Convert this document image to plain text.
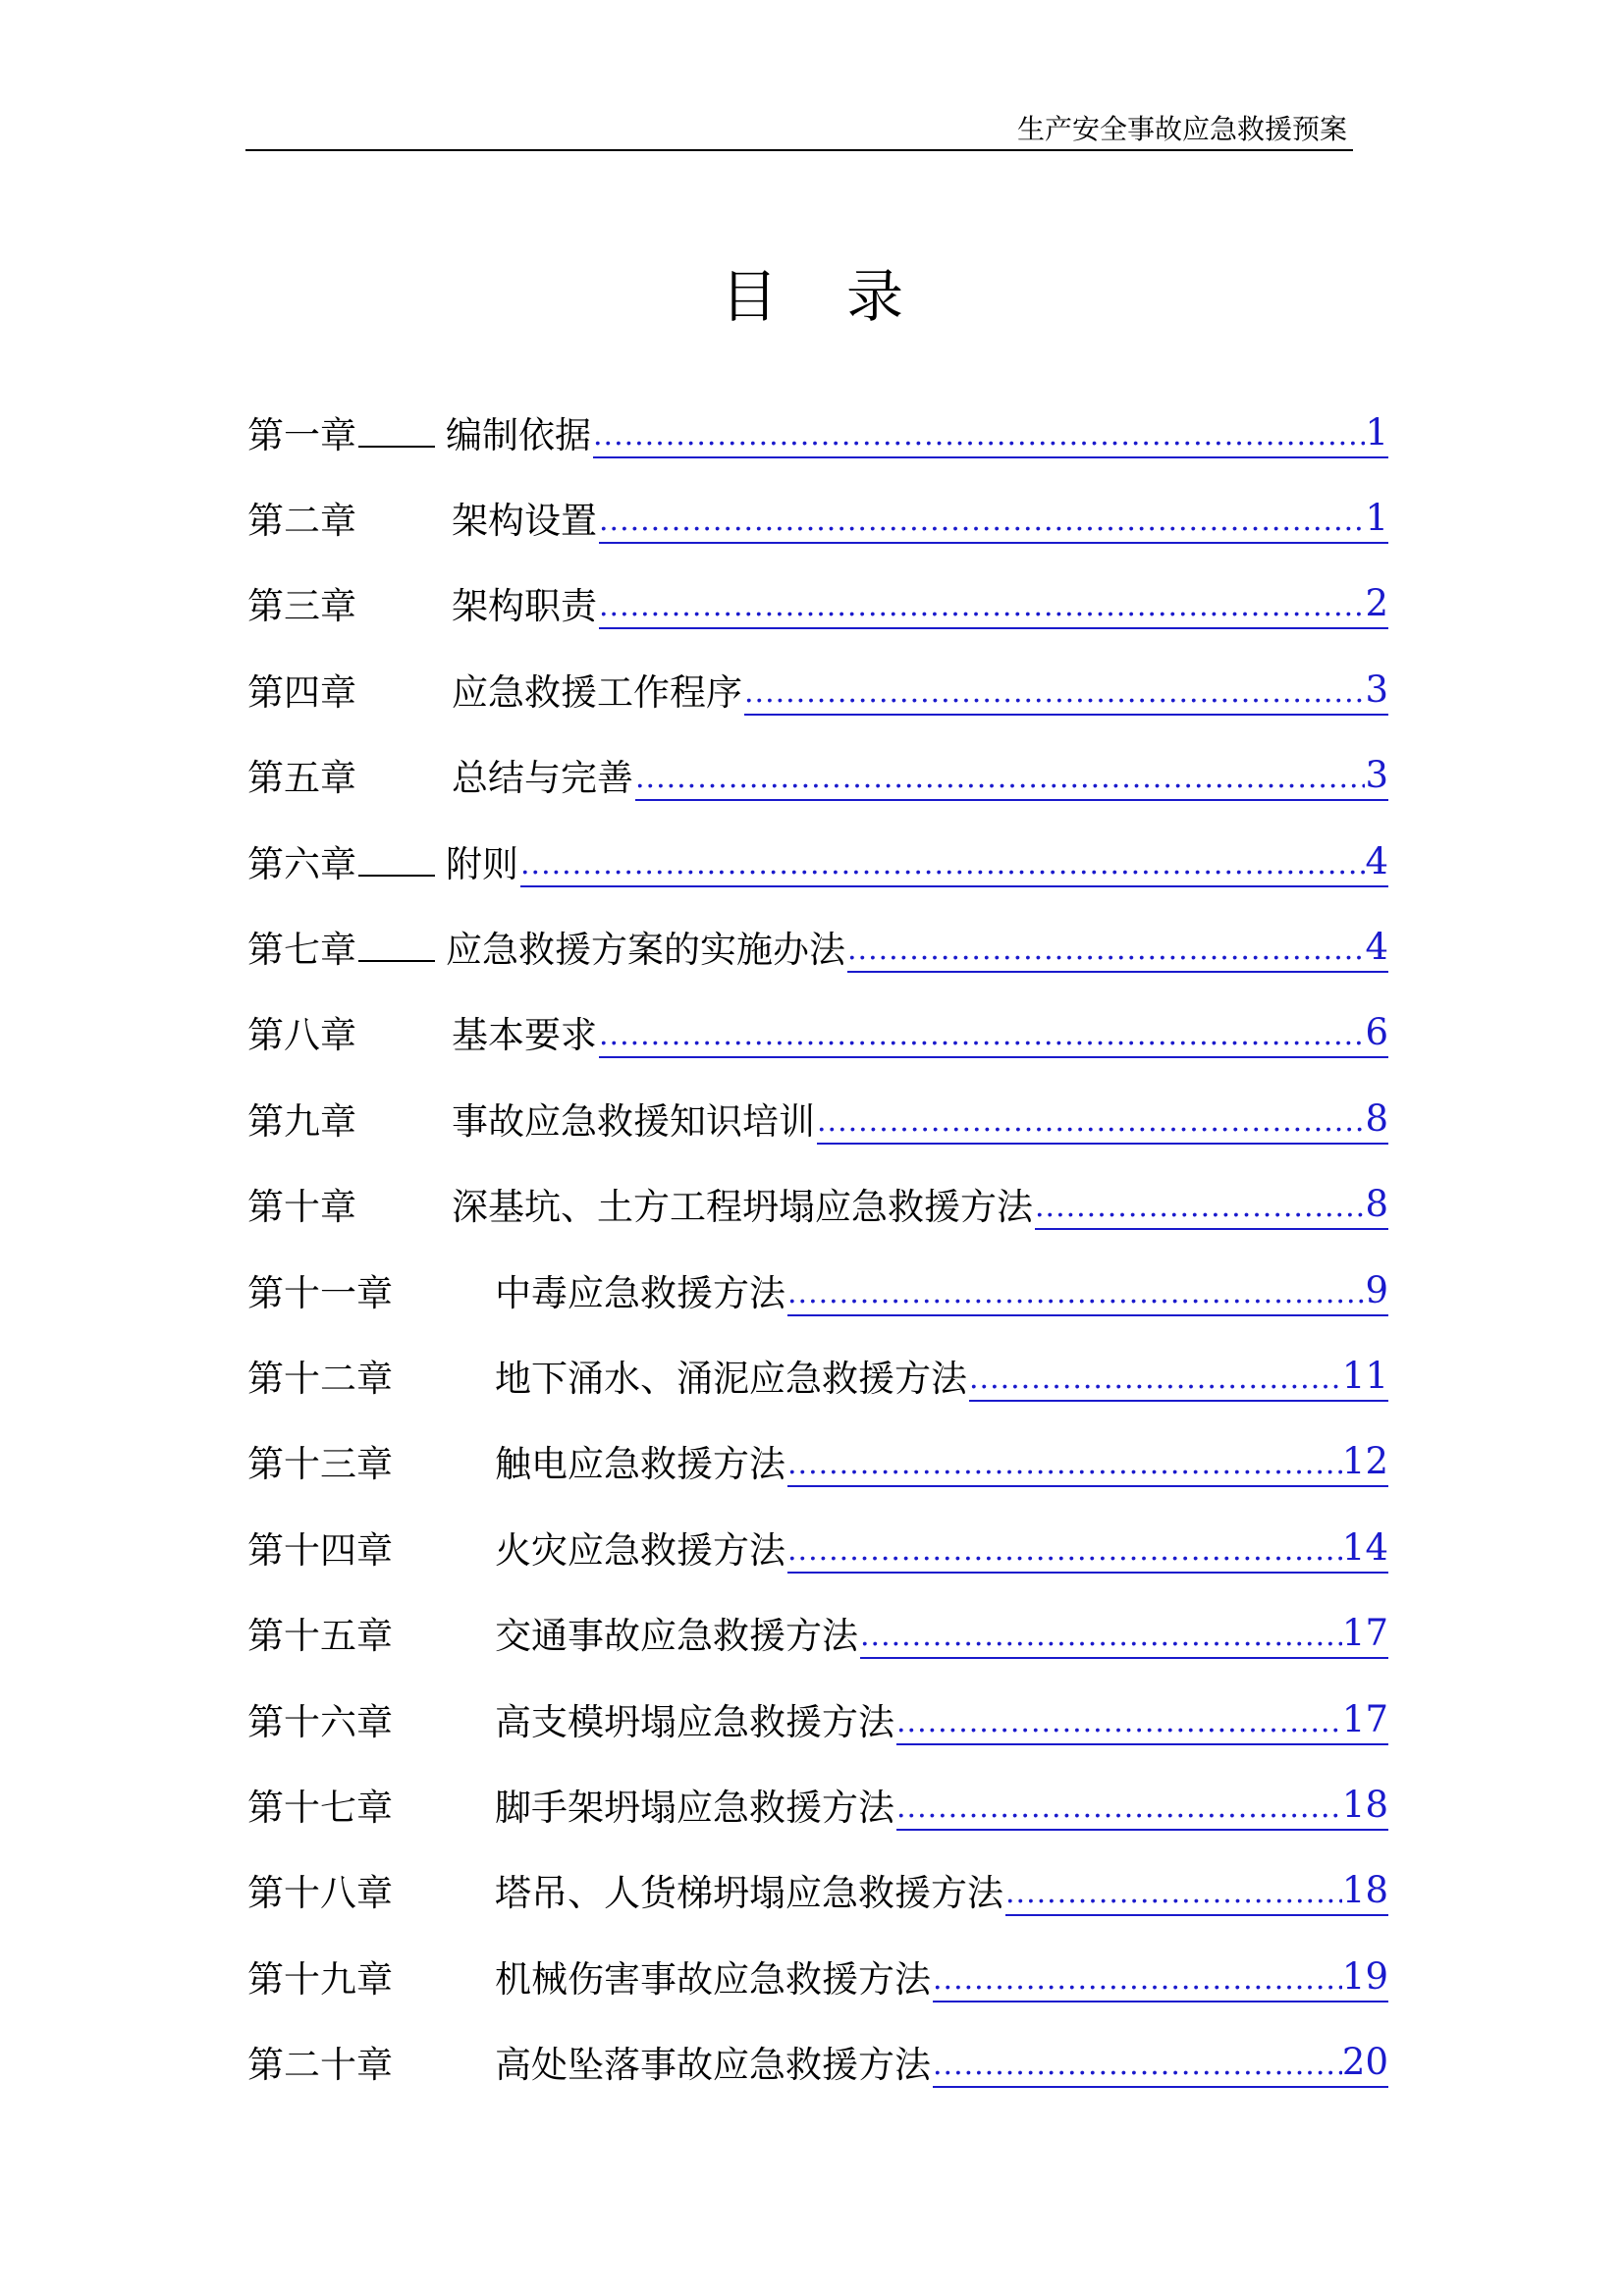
生产安全事故应急救援预案
目录
第一章	编制依据 .....	1
第二章	架构设置 .....	1
第三章	架构职责 .....	2
第四章	应急救援工作程序 .....	3
第五章	总结与完善 .....	3
第六章	附则 .....	4
第七章	应急救援方案的实施办法 .....	4
第八章	基本要求 .....	6
第九章	事故应急救援知识培训 .....	8
第十章	深基坑、土方工程坍塌应急救援方法 .....	8
第十一章	中毒应急救援方法 .....	9
第十二章	地下涌水、涌泥应急救援方法 .....	11
第十三章	触电应急救援方法 .....	12
第十四章	火灾应急救援方法 .....	14
第十五章	交通事故应急救援方法 .....	17
第十六章	高支模坍塌应急救援方法 .....	17
第十七章	脚手架坍塌应急救援方法 .....	18
第十八章	塔吊、人货梯坍塌应急救援方法 .....	18
第十九章	机械伤害事故应急救援方法 .....	19
第二十章	高处坠落事故应急救援方法 .....	20
